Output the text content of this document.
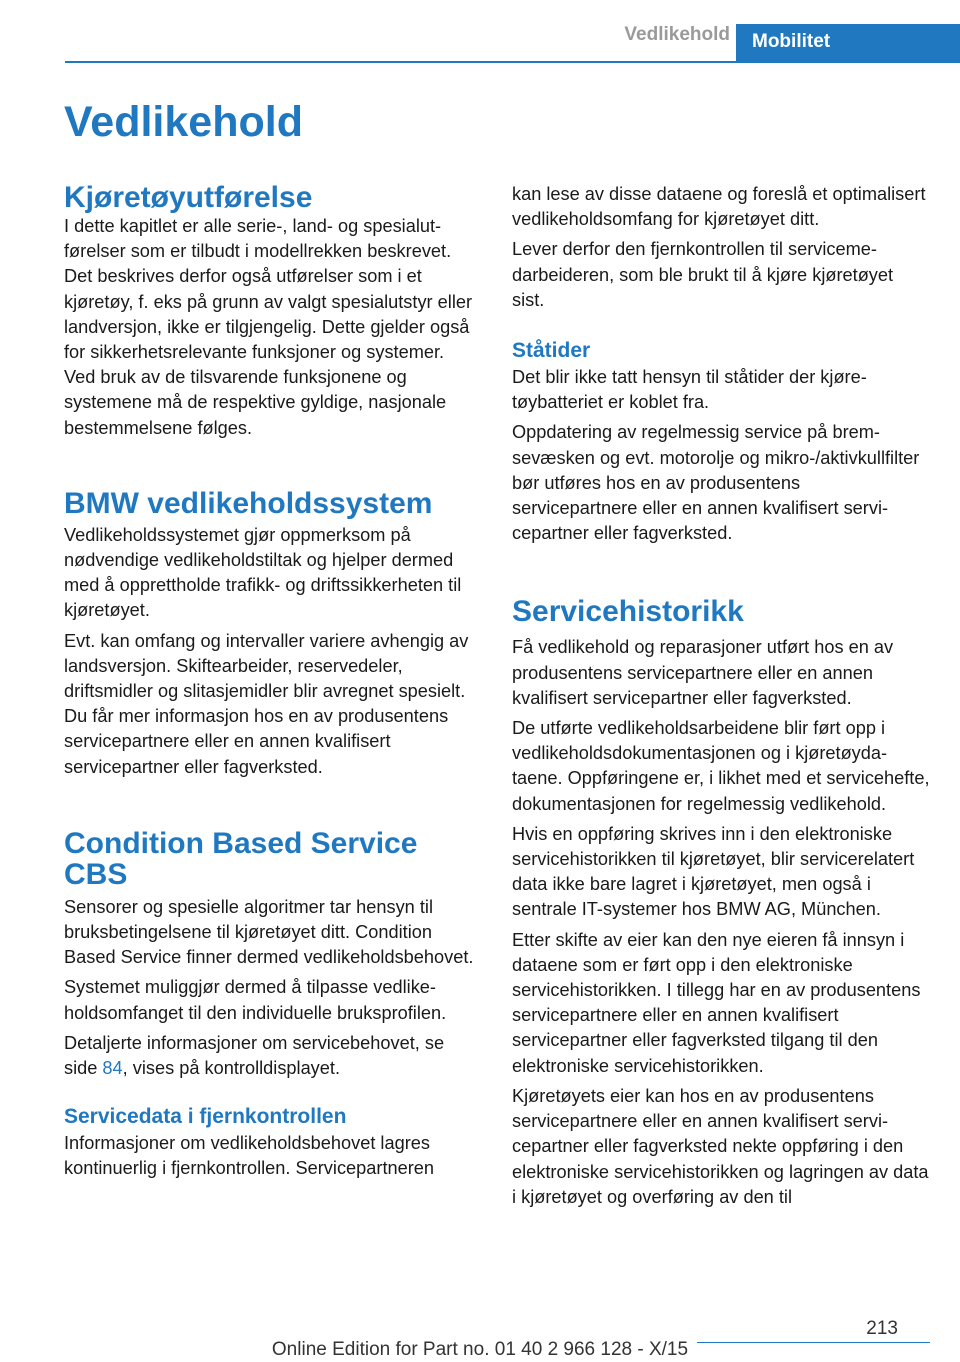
Vedlikehold Mobilitet
Vedlikehold
Kjøretøyutførelse

I dette kapitlet er alle serie-, land- og spesialutførelser som er tilbudt i modellrekken beskrevet. Det beskrives derfor også utførelser som i et kjøretøy, f. eks på grunn av valgt spesialutstyr eller landversjon, ikke er tilgjengelig. Dette gjelder også for sikkerhetsrelevante funksjoner og systemer. Ved bruk av de tilsvarende funksjonene og systemene må de respektive gyldige, nasjonale bestemmelsene følges.

BMW vedlikeholdssystem

Vedlikeholdssystemet gjør oppmerksom på nødvendige vedlikeholdstiltak og hjelper dermed med å opprettholde trafikk- og driftssikkerheten til kjøretøyet.

Evt. kan omfang og intervaller variere avhengig av landsversjon. Skiftearbeider, reservedeler, driftsmidler og slitasjemidler blir avregnet spesielt. Du får mer informasjon hos en av produsentens servicepartnere eller en annen kvalifisert servicepartner eller fagverksted.

Condition Based Service CBS

Sensorer og spesielle algoritmer tar hensyn til bruksbetingelsene til kjøretøyet ditt. Condition Based Service finner dermed vedlikeholdsbehovet.

Systemet muliggjør dermed å tilpasse vedlikeholdsomfanget til den individuelle bruksprofilen.

Detaljerte informasjoner om servicebehovet, se side 84, vises på kontrolldisplayet.

Servicedata i fjernkontrollen

Informasjoner om vedlikeholdsbehovet lagres kontinuerlig i fjernkontrollen. Servicepartneren

kan lese av disse dataene og foreslå et optimalisert vedlikeholdsomfang for kjøretøyet ditt.

Lever derfor den fjernkontrollen til servicemedarbeideren, som ble brukt til å kjøre kjøretøyet sist.

Ståtider

Det blir ikke tatt hensyn til ståtider der kjøretøybatteriet er koblet fra.

Oppdatering av regelmessig service på bremsevæsken og evt. motorolje og mikro-/aktivkullfilter bør utføres hos en av produsentens servicepartnere eller en annen kvalifisert servicepartner eller fagverksted.

Servicehistorikk

Få vedlikehold og reparasjoner utført hos en av produsentens servicepartnere eller en annen kvalifisert servicepartner eller fagverksted.

De utførte vedlikeholdsarbeidene blir ført opp i vedlikeholdsdokumentasjonen og i kjøretøydataene. Oppføringene er, i likhet med et servicehefte, dokumentasjonen for regelmessig vedlikehold.

Hvis en oppføring skrives inn i den elektroniske servicehistorikken til kjøretøyet, blir servicerelatert data ikke bare lagret i kjøretøyet, men også i sentrale IT-systemer hos BMW AG, München.

Etter skifte av eier kan den nye eieren få innsyn i dataene som er ført opp i den elektroniske servicehistorikken. I tillegg har en av produsentens servicepartnere eller en annen kvalifisert servicepartner eller fagverksted tilgang til den elektroniske servicehistorikken.

Kjøretøyets eier kan hos en av produsentens servicepartnere eller en annen kvalifisert servicepartner eller fagverksted nekte oppføring i den elektroniske servicehistorikken og lagringen av data i kjøretøyet og overføring av den til

213
Online Edition for Part no. 01 40 2 966 128 - X/15
